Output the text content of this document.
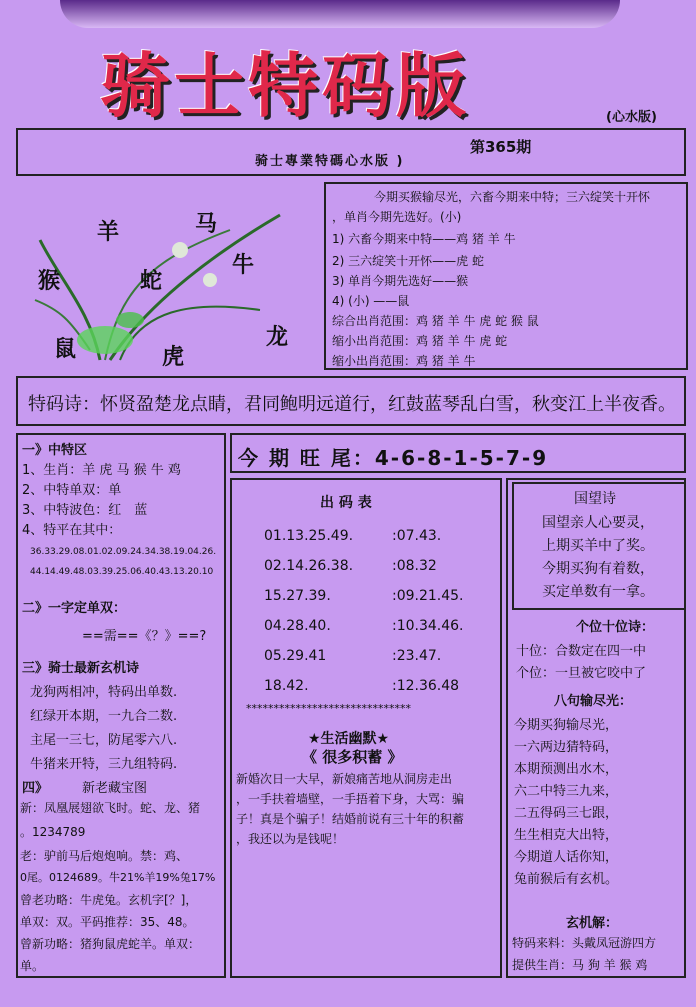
骑士特码版	(心水版)
骑士專業特碼心水版 )
第365期
羊	马
猴	蛇
牛
鼠	虎
龙
今期买猴输尽光，六畜今期来中特；三六绽笑十开怀
，单肖今期先选好。(小)
1) 六畜今期来中特——鸡 猪 羊 牛
2) 三六绽笑十开怀——虎 蛇
3) 单肖今期先选好——猴
4) (小) ——鼠
综合出肖范围：鸡 猪 羊 牛 虎 蛇 猴 鼠
缩小出肖范围：鸡 猪 羊 牛 虎 蛇
缩小出肖范围：鸡 猪 羊 牛
特码诗：怀贤盈楚龙点睛，君同鲍明远道行，红鼓蓝琴乱白雪，秋变江上半夜香。
一》中特区
1、生肖：羊 虎 马 猴 牛 鸡
2、中特单双：单
3、中特波色：红　蓝
4、特平在其中：
36.33.29.08.01.02.09.24.34.38.19.04.26.
44.14.49.48.03.39.25.06.40.43.13.20.10
二》一字定单双：
==需==《？》==?
三》骑士最新玄机诗
龙狗两相冲，特码出单数.
红绿开本期，一九合二数.
主尾一三七，防尾零六八.
牛猪来开特，三九组特码.
四》	新老藏宝图
新：凤凰展翅欲飞时。蛇、龙、猪
。1234789
老：驴前马后炮炮响。禁：鸡、
0尾。0124689。牛21%羊19%兔17%
曾老功略：牛虎兔。玄机字[？]，
单双：双。平码推荐：35、48。
曾新功略：猪狗鼠虎蛇羊。单双：
单。
今 期 旺 尾：4-6-8-1-5-7-9
出 码 表
01.13.25.49.	:07.43.
02.14.26.38.	:08.32
15.27.39.	:09.21.45.
04.28.40.	:10.34.46.
05.29.41	:23.47.
18.42.	:12.36.48
******************************
★生活幽默★
《 很多积蓄 》
新婚次日一大早，新娘痛苦地从洞房走出
，一手扶着墙壁，一手捂着下身，大骂：骗
子！真是个骗子！结婚前说有三十年的积蓄
，我还以为是钱呢！
个位十位诗：
十位：合数定在四一中
个位：一旦被它咬中了
八句输尽光：
今期买狗输尽光，
一六两边猜特码，
本期预测出水木，
六二中特三九来，
二五得码三七跟，
生生相克大出特，
今期道人话你知，
兔前猴后有玄机。
玄机解：
特码来料：头戴凤冠游四方
提供生肖：马 狗 羊 猴 鸡
国望诗
国望亲人心要灵，
上期买羊中了奖。
今期买狗有着数，
买定单数有一拿。
